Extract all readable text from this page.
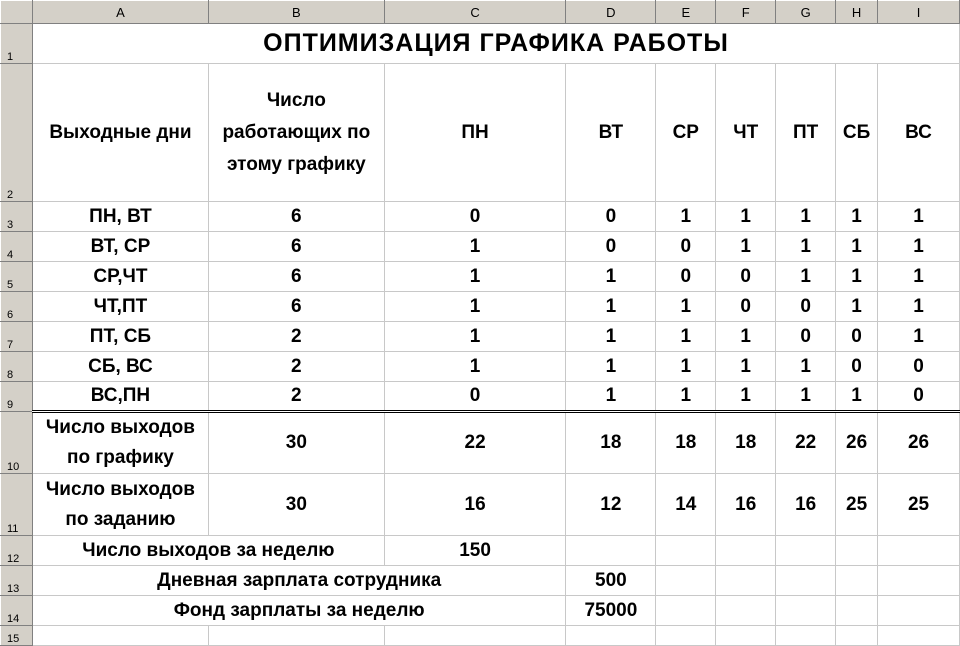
	A	B	C	D	E	F	G	H	I
1	ОПТИМИЗАЦИЯ ГРАФИКА РАБОТЫ								
2	Выходные дни	Число работающих по этому графику	ПН	ВТ	СР	ЧТ	ПТ	СБ	ВС
3	ПН, ВТ	6	0	0	1	1	1	1	1
4	ВТ, СР	6	1	0	0	1	1	1	1
5	СР,ЧТ	6	1	1	0	0	1	1	1
6	ЧТ,ПТ	6	1	1	1	0	0	1	1
7	ПТ, СБ	2	1	1	1	1	0	0	1
8	СБ, ВС	2	1	1	1	1	1	0	0
9	ВС,ПН	2	0	1	1	1	1	1	0
10	Число выходов по графику	30	22	18	18	18	22	26	26
11	Число выходов по заданию	30	16	12	14	16	16	25	25
12	Число выходов за неделю		150						
13	Дневная зарплата сотрудника			500					
14	Фонд зарплаты за неделю			75000					
15									
